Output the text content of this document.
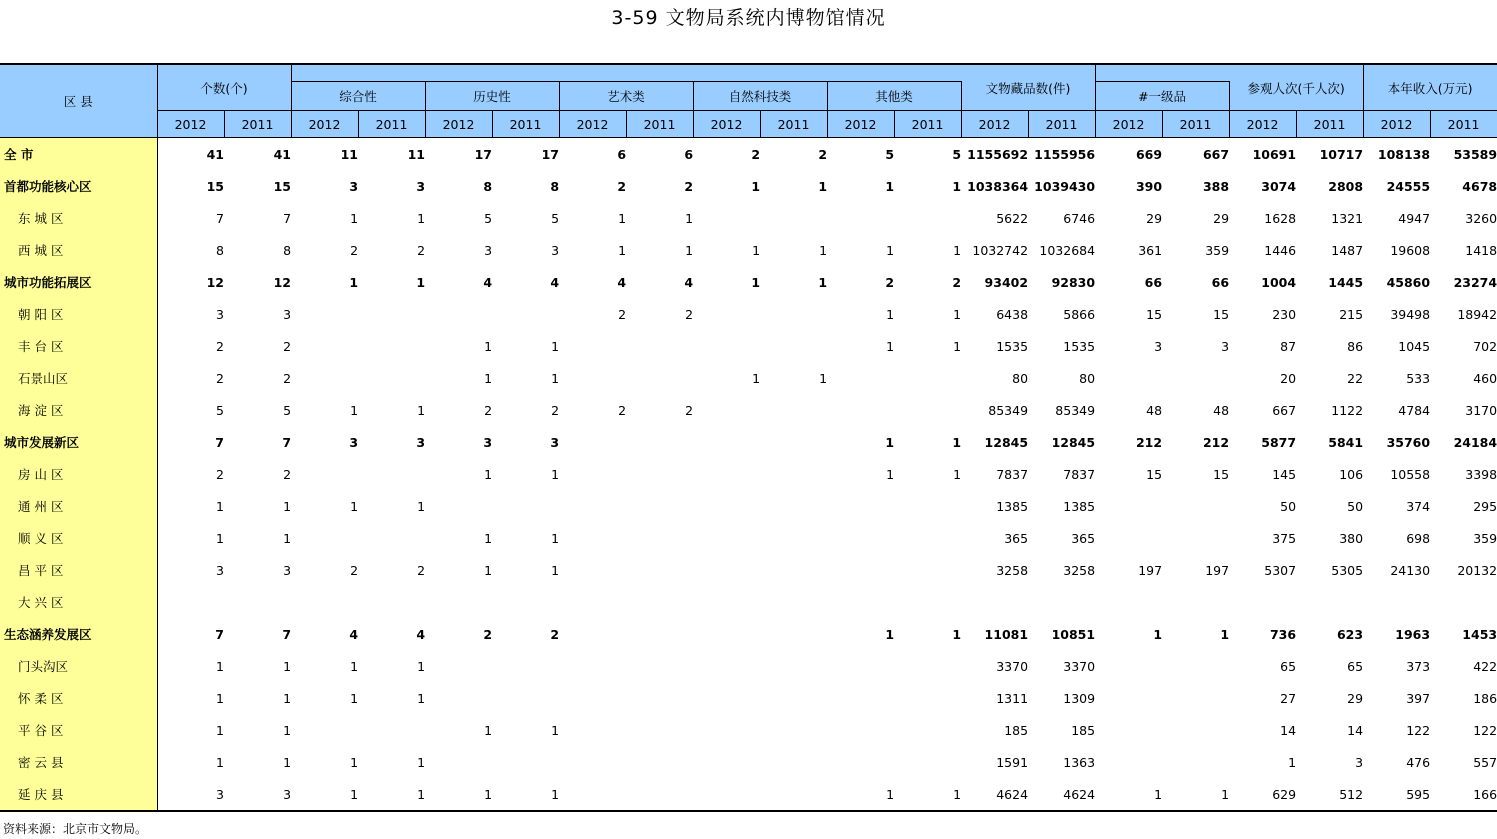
3-59 文物局系统内博物馆情况
区 县	个数(个)												文物藏品数(件)				参观人次(千人次)		本年收入(万元)	
			综合性		历史性		艺术类		自然科技类		其他类				#一级品					
	2012	2011	2012	2011	2012	2011	2012	2011	2012	2011	2012	2011	2012	2011	2012	2011	2012	2011	2012	2011
全 市	41	41	11	11	17	17	6	6	2	2	5	5	1155692	1155956	669	667	10691	10717	108138	53589
首都功能核心区	15	15	3	3	8	8	2	2	1	1	1	1	1038364	1039430	390	388	3074	2808	24555	4678
东 城 区	7	7	1	1	5	5	1	1					5622	6746	29	29	1628	1321	4947	3260
西 城 区	8	8	2	2	3	3	1	1	1	1	1	1	1032742	1032684	361	359	1446	1487	19608	1418
城市功能拓展区	12	12	1	1	4	4	4	4	1	1	2	2	93402	92830	66	66	1004	1445	45860	23274
朝 阳 区	3	3					2	2			1	1	6438	5866	15	15	230	215	39498	18942
丰 台 区	2	2			1	1					1	1	1535	1535	3	3	87	86	1045	702
石景山区	2	2			1	1			1	1			80	80			20	22	533	460
海 淀 区	5	5	1	1	2	2	2	2					85349	85349	48	48	667	1122	4784	3170
城市发展新区	7	7	3	3	3	3					1	1	12845	12845	212	212	5877	5841	35760	24184
房 山 区	2	2			1	1					1	1	7837	7837	15	15	145	106	10558	3398
通 州 区	1	1	1	1									1385	1385			50	50	374	295
顺 义 区	1	1			1	1							365	365			375	380	698	359
昌 平 区	3	3	2	2	1	1							3258	3258	197	197	5307	5305	24130	20132
大 兴 区																				
生态涵养发展区	7	7	4	4	2	2					1	1	11081	10851	1	1	736	623	1963	1453
门头沟区	1	1	1	1									3370	3370			65	65	373	422
怀 柔 区	1	1	1	1									1311	1309			27	29	397	186
平 谷 区	1	1			1	1							185	185			14	14	122	122
密 云 县	1	1	1	1									1591	1363			1	3	476	557
延 庆 县	3	3	1	1	1	1					1	1	4624	4624	1	1	629	512	595	166
资料来源：北京市文物局。
